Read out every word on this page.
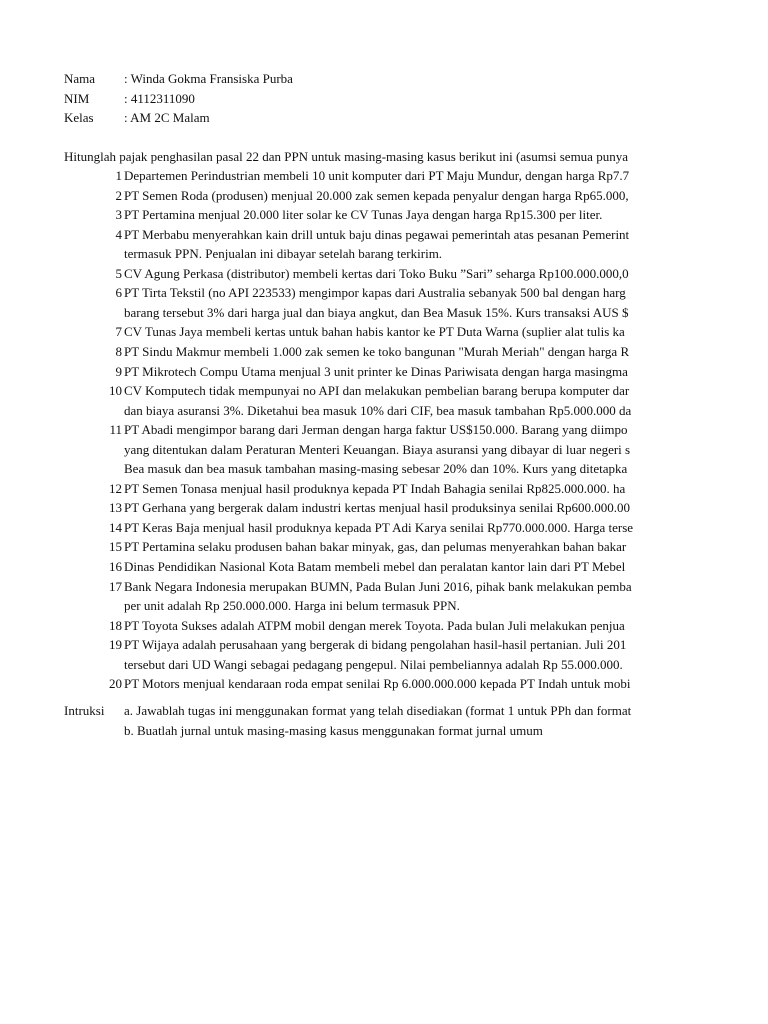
Nama : Winda Gokma Fransiska Purba
NIM	: 4112311090
Kelas : AM 2C Malam
Hitunglah pajak penghasilan pasal 22 dan PPN untuk masing-masing kasus berikut ini (asumsi semua punya
1 Departemen Perindustrian membeli 10 unit komputer dari PT Maju Mundur, dengan harga Rp7.7
2 PT Semen Roda (produsen) menjual 20.000 zak semen kepada penyalur dengan harga Rp65.000,
3 PT Pertamina menjual 20.000 liter solar ke CV Tunas Jaya dengan harga Rp15.300 per liter.
4 PT Merbabu menyerahkan kain drill untuk baju dinas pegawai pemerintah atas pesanan Pemerint
termasuk PPN. Penjualan ini dibayar setelah barang terkirim.
5 CV Agung Perkasa (distributor) membeli kertas dari Toko Buku ”Sari” seharga Rp100.000.000,0
6 PT Tirta Tekstil (no API 223533) mengimpor kapas dari Australia sebanyak 500 bal dengan harg
barang tersebut 3% dari harga jual dan biaya angkut, dan Bea Masuk 15%. Kurs transaksi AUS $
7 CV Tunas Jaya membeli kertas untuk bahan habis kantor ke PT Duta Warna (suplier alat tulis ka
8 PT Sindu Makmur membeli 1.000 zak semen ke toko bangunan "Murah Meriah" dengan harga R
9 PT Mikrotech Compu Utama menjual 3 unit printer ke Dinas Pariwisata dengan harga masingma
10 CV Komputech tidak mempunyai no API dan melakukan pembelian barang berupa komputer dar
dan biaya asuransi 3%. Diketahui bea masuk 10% dari CIF, bea masuk tambahan Rp5.000.000 da
11 PT Abadi mengimpor barang dari Jerman dengan harga faktur US$150.000. Barang yang diimpo
yang ditentukan dalam Peraturan Menteri Keuangan. Biaya asuransi yang dibayar di luar negeri s
Bea masuk dan bea masuk tambahan masing-masing sebesar 20% dan 10%. Kurs yang ditetapka
12 PT Semen Tonasa menjual hasil produknya kepada PT Indah Bahagia senilai Rp825.000.000. ha
13 PT Gerhana yang bergerak dalam industri kertas menjual hasil produksinya senilai Rp600.000.00
14 PT Keras Baja menjual hasil produknya kepada PT Adi Karya senilai Rp770.000.000. Harga terse
15 PT Pertamina selaku produsen bahan bakar minyak, gas, dan pelumas menyerahkan bahan bakar
16 Dinas Pendidikan Nasional Kota Batam membeli mebel dan peralatan kantor lain dari PT Mebel
17 Bank Negara Indonesia merupakan BUMN, Pada Bulan Juni 2016, pihak bank melakukan pemba
per unit adalah Rp 250.000.000. Harga ini belum termasuk PPN.
18 PT Toyota Sukses adalah ATPM mobil dengan merek Toyota. Pada bulan Juli melakukan penjua
19 PT Wijaya adalah perusahaan yang bergerak di bidang pengolahan hasil-hasil pertanian. Juli 201
tersebut dari UD Wangi sebagai pedagang pengepul. Nilai pembeliannya adalah Rp 55.000.000.
20 PT Motors menjual kendaraan roda empat senilai Rp 6.000.000.000 kepada PT Indah untuk mobi
Intruksi a. Jawablah tugas ini menggunakan format yang telah disediakan (format 1 untuk PPh dan format
b. Buatlah jurnal untuk masing-masing kasus menggunakan format jurnal umum
